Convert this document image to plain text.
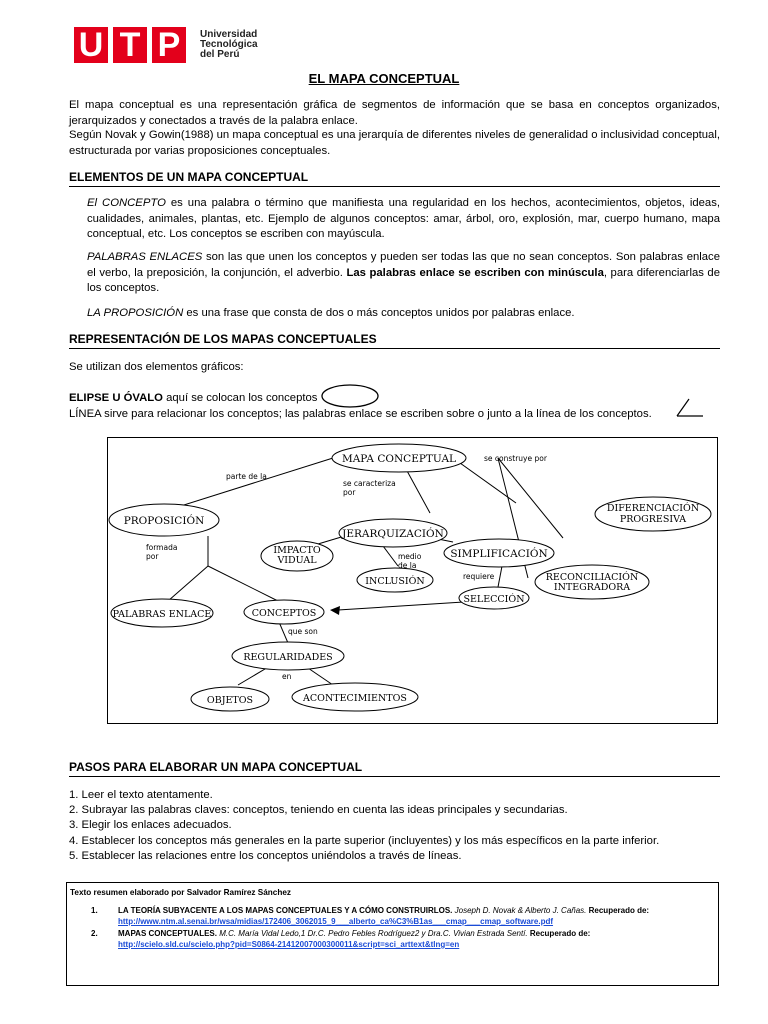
U T P	Universidad
Tecnológica
del Perú
EL MAPA CONCEPTUAL

El mapa conceptual es una representación gráfica de segmentos de información que se basa en conceptos organizados, jerarquizados y conectados a través de la palabra enlace.

Según Novak y Gowin(1988) un mapa conceptual es una jerarquía de diferentes niveles de generalidad o inclusividad conceptual, estructurada por varias proposiciones conceptuales.

ELEMENTOS DE UN MAPA CONCEPTUAL

El CONCEPTO es una palabra o término que manifiesta una regularidad en los hechos, acontecimientos, objetos, ideas, cualidades, animales, plantas, etc. Ejemplo de algunos conceptos: amar, árbol, oro, explosión, mar, cuerpo humano, mapa conceptual, etc. Los conceptos se escriben con mayúscula.

PALABRAS ENLACES son las que unen los conceptos y pueden ser todas las que no sean conceptos. Son palabras enlace el verbo, la preposición, la conjunción, el adverbio. Las palabras enlace se escriben con minúscula, para diferenciarlas de los conceptos.

LA PROPOSICIÓN es una frase que consta de dos o más conceptos unidos por palabras enlace.

REPRESENTACIÓN DE LOS MAPAS CONCEPTUALES

Se utilizan dos elementos gráficos:

ELIPSE U ÓVALO aquí se colocan los conceptos

LÍNEA sirve para relacionar los conceptos; las palabras enlace se escriben sobre o junto a la línea de los conceptos.

MAPA CONCEPTUAL
PROPOSICIÓN
JERARQUIZACIÓN
IMPACTO
VIDUAL
INCLUSIÓN
SIMPLIFICACIÓN
SELECCIÓN
DIFERENCIACIÓN
PROGRESIVA
RECONCILIACIÓN
INTEGRADORA
PALABRAS ENLACE	CONCEPTOS
REGULARIDADES
OBJETOS	ACONTECIMIENTOS
parte de la
se construye por
se caracteriza
por
formada
por	medio
de la
requiere
que son
en
PASOS PARA ELABORAR UN MAPA CONCEPTUAL
1. Leer el texto atentamente.
2. Subrayar las palabras claves: conceptos, teniendo en cuenta las ideas principales y secundarias.
3. Elegir los enlaces adecuados.
4. Establecer los conceptos más generales en la parte superior (incluyentes) y los más específicos en la parte inferior.
5. Establecer las relaciones entre los conceptos uniéndolos a través de líneas.
Texto resumen elaborado por Salvador Ramírez Sánchez
1.	LA TEORÍA SUBYACENTE A LOS MAPAS CONCEPTUALES Y A CÓMO CONSTRUIRLOS. Joseph D. Novak & Alberto J. Cañas. Recuperado de:
http://www.ntm.al.senai.br/wsa/midias/172406_3062015_9___alberto_ca%C3%B1as___cmap___cmap_software.pdf
2.	MAPAS CONCEPTUALES. M.C. María Vidal Ledo,1 Dr.C. Pedro Febles Rodríguez2 y Dra.C. Vivian Estrada Sentí. Recuperado de:
http://scielo.sld.cu/scielo.php?pid=S0864-21412007000300011&script=sci_arttext&tlng=en
